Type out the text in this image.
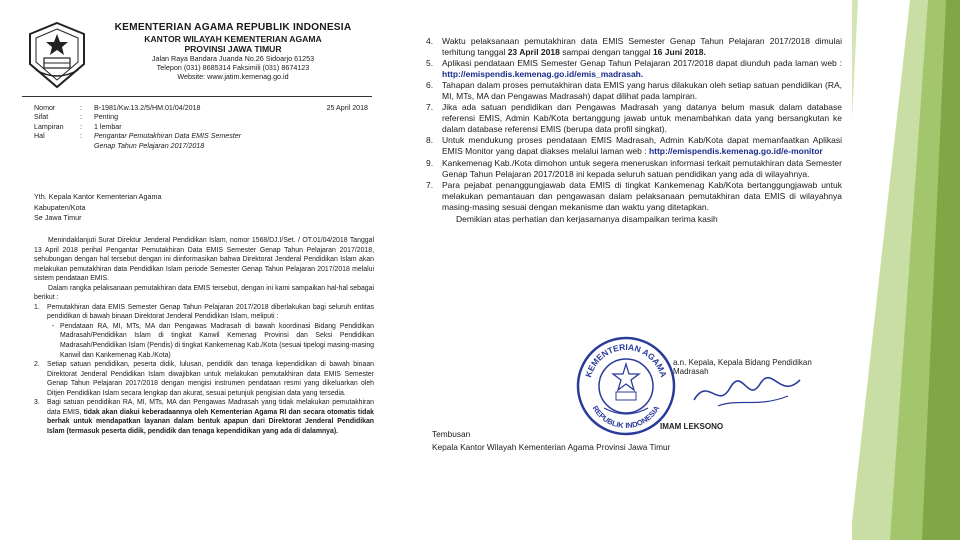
KEMENTERIAN AGAMA REPUBLIK INDONESIA
KANTOR WILAYAH KEMENTERIAN AGAMA
PROVINSI JAWA TIMUR
Jalan Raya Bandara Juanda No.26 Sidoarjo 61253
Telepon (031) 8685314 Faksimili (031) 8674123
Website: www.jatim.kemenag.go.id
25 April 2018
Nomor	:	B-1981/Kw.13.2/5/HM.01/04/2018
Sifat	:	Penting
Lampiran	:	1 lembar
Hal	:	Pengantar Pemutakhiran Data EMIS Semester Genap Tahun Pelajaran 2017/2018
Yth. Kepala Kantor Kementerian Agama
Kabupaten/Kota
Se Jawa Timur

Menindaklanjuti Surat Direktur Jenderal Pendidikan Islam, nomor 1568/DJ.I/Set. / OT.01/04/2018 Tanggal 13 April 2018 perihal Pengantar Pemutakhiran Data EMIS Semester Genap Tahun Pelajaran 2017/2018, sehubungan dengan hal tersebut dengan ini diinformasikan bahwa Direktorat Jenderal Pendidikan Islam akan melakukan pemutakhiran data Pendidikan Islam periode Semester Genap Tahun Pelajaran 2017/2018 melalui sistem pendataan EMIS.

Dalam rangka pelaksanaan pemutakhiran data EMIS tersebut, dengan ini kami sampaikan hal-hal sebagai berikut :

1.	Pemutakhiran data EMIS Semester Genap Tahun Pelajaran 2017/2018 diberlakukan bagi seluruh entitas pendidikan di bawah binaan Direktorat Jenderal Pendidikan Islam, meliputi :
- Pendataan RA, MI, MTs, MA dan Pengawas Madrasah di bawah koordinasi Bidang Pendidikan Madrasah/Pendidikan Islam di tingkat Kanwil Kemenag Provinsi dan Seksi Pendidikan Madrasah/Pendidikan Islam (Pendis) di tingkat Kankemenag Kab./Kota (sesuai tipelogi masing-masing Kanwil dan Kankemenag Kab./Kota)
2.	Setiap satuan pendidikan, peserta didik, lulusan, pendidik dan tenaga kependidikan di bawah binaan Direktorat Jenderal Pendidikan Islam diwajibkan untuk melakukan pemutakhiran data EMIS Semester Genap Tahun Pelajaran 2017/2018 dengan mengisi instrumen pendataan resmi yang dikeluarkan oleh Ditjen Pendidikan Islam secara lengkap dan akurat, sesuai petunjuk pengisian data yang tersedia.
3.	Bagi satuan pendidikan RA, MI, MTs, MA dan Pengawas Madrasah yang tidak melakukan pemutakhiran data EMIS, tidak akan diakui keberadaannya oleh Kementerian Agama RI dan secara otomatis tidak berhak untuk mendapatkan layanan dalam bentuk apapun dari Direktorat Jenderal Pendidikan Islam (termasuk peserta didik, pendidik dan tenaga kependidikan yang ada di dalamnya).
4.	Waktu pelaksanaan pemutakhiran data EMIS Semester Genap Tahun Pelajaran 2017/2018 dimulai terhitung tanggal 23 April 2018 sampai dengan tanggal 16 Juni 2018.
5.	Aplikasi pendataan EMIS Semester Genap Tahun Pelajaran 2017/2018 dapat diunduh pada laman web : http://emispendis.kemenag.go.id/emis_madrasah.
6.	Tahapan dalam proses pemutakhiran data EMIS yang harus dilakukan oleh setiap satuan pendidikan (RA, MI, MTs, MA dan Pengawas Madrasah) dapat dilihat pada lampiran.
7.	Jika ada satuan pendidikan dan Pengawas Madrasah yang datanya belum masuk dalam database referensi EMIS, Admin Kab/Kota bertanggung jawab untuk menambahkan data yang bersangkutan ke dalam database referensi EMIS (berupa data profil singkat).
8.	Untuk mendukung proses pendataan EMIS Madrasah, Admin Kab/Kota dapat memanfaatkan Aplikasi EMIS Monitor yang dapat diakses melalui laman web : http://emispendis.kemenag.go.id/e-monitor
9.	Kankemenag Kab./Kota dimohon untuk segera meneruskan informasi terkait pemutakhiran data Semester Genap Tahun Pelajaran 2017/2018 ini kepada seluruh satuan pendidikan yang ada di wilayahnya.
7.	Para pejabat penanggungjawab data EMIS di tingkat Kankemenag Kab/Kota bertanggungjawab untuk melakukan pemantauan dan pengawasan dalam pelaksanaan pemutakhiran data EMIS di wilayahnya masing-masing sesuai dengan mekanisme dan waktu yang ditetapkan.
Demikian atas perhatian dan kerjasamanya disampaikan terima kasih
KEMENTERIAN AGAMA
REPUBLIK INDONESIA
a.n. Kepala, Kepala Bidang Pendidikan Madrasah
IMAM LEKSONO
Tembusan
Kepala Kantor Wilayah Kementerian Agama Provinsi Jawa Timur
